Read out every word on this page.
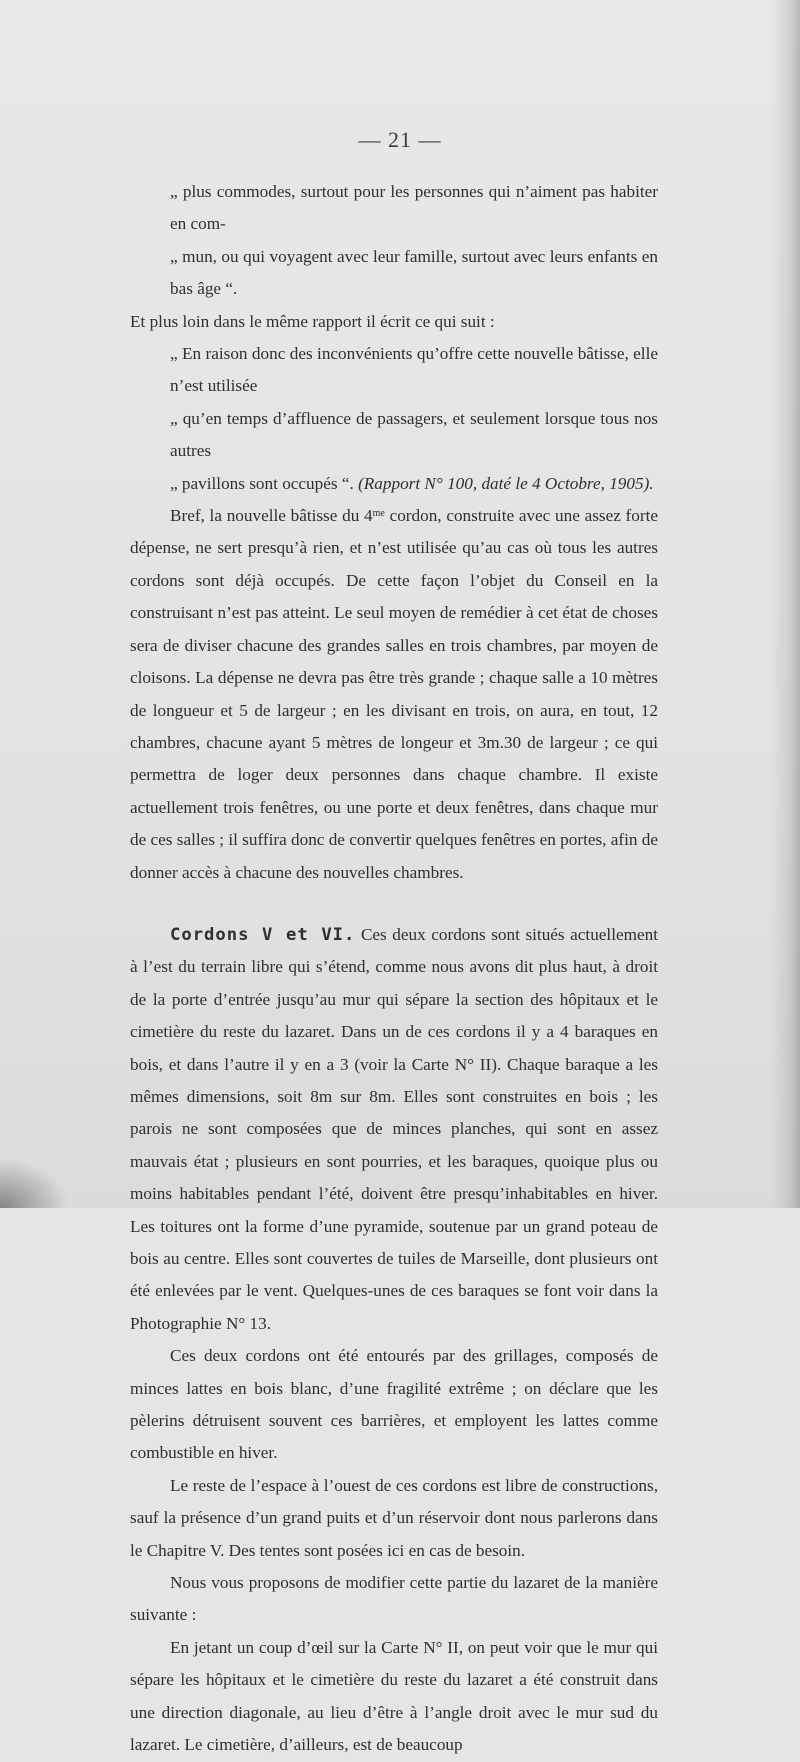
— 21 —

„ plus commodes, surtout pour les personnes qui n’aiment pas habiter en com-

„ mun, ou qui voyagent avec leur famille, surtout avec leurs enfants en bas âge “.

Et plus loin dans le même rapport il écrit ce qui suit :

„ En raison donc des inconvénients qu’offre cette nouvelle bâtisse, elle n’est utilisée

„ qu’en temps d’affluence de passagers, et seulement lorsque tous nos autres

„ pavillons sont occupés “. (Rapport N° 100, daté le 4 Octobre, 1905).

Bref, la nouvelle bâtisse du $4^{me}$ cordon, construite avec une assez forte dépense, ne sert presqu’à rien, et n’est utilisée qu’au cas où tous les autres cordons sont déjà occupés. De cette façon l’objet du Conseil en la construisant n’est pas atteint. Le seul moyen de remédier à cet état de choses sera de diviser chacune des grandes salles en trois chambres, par moyen de cloisons. La dépense ne devra pas être très grande ; chaque salle a 10 mètres de longueur et 5 de largeur ; en les divisant en trois, on aura, en tout, 12 chambres, chacune ayant 5 mètres de longeur et 3m.30 de largeur ; ce qui permettra de loger deux personnes dans chaque chambre. Il existe actuellement trois fenêtres, ou une porte et deux fenêtres, dans chaque mur de ces salles ; il suffira donc de convertir quelques fenêtres en portes, afin de donner accès à chacune des nouvelles chambres.

Cordons V et VI. Ces deux cordons sont situés actuellement à l’est du terrain libre qui s’étend, comme nous avons dit plus haut, à droit de la porte d’entrée jusqu’au mur qui sépare la section des hôpitaux et le cimetière du reste du lazaret. Dans un de ces cordons il y a 4 baraques en bois, et dans l’autre il y en a 3 (voir la Carte N° II). Chaque baraque a les mêmes dimensions, soit 8m sur 8m. Elles sont construites en bois ; les parois ne sont composées que de minces planches, qui sont en assez mauvais état ; plusieurs en sont pourries, et les baraques, quoique plus ou moins habitables pendant l’été, doivent être presqu’inhabitables en hiver. Les toitures ont la forme d’une pyramide, soutenue par un grand poteau de bois au centre. Elles sont couvertes de tuiles de Marseille, dont plusieurs ont été enlevées par le vent. Quelques-unes de ces baraques se font voir dans la Photographie N° 13.

Ces deux cordons ont été entourés par des grillages, composés de minces lattes en bois blanc, d’une fragilité extrême ; on déclare que les pèlerins détruisent souvent ces barrières, et employent les lattes comme combustible en hiver.

Le reste de l’espace à l’ouest de ces cordons est libre de constructions, sauf la présence d’un grand puits et d’un réservoir dont nous parlerons dans le Chapitre V. Des tentes sont posées ici en cas de besoin.

Nous vous proposons de modifier cette partie du lazaret de la manière suivante :

En jetant un coup d’œil sur la Carte N° II, on peut voir que le mur qui sépare les hôpitaux et le cimetière du reste du lazaret a été construit dans une direction diagonale, au lieu d’être à l’angle droit avec le mur sud du lazaret. Le cimetière, d’ailleurs, est de beaucoup
